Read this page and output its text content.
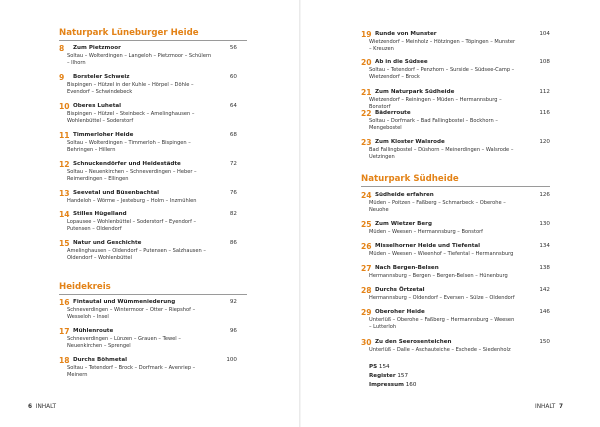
Naturpark Lüneburger Heide
8 Zum Pietzmoor	56
Soltau – Wolterdingen – Langeloh – Pietzmoor – Schülern – Ilhorn
9 Borsteler Schweiz	60
Bispingen – Hützel in der Kuhle – Hörpel – Döhle – Evendorf – Schwindebeck
10 Oberes Luhetal	64
Bispingen – Hützel – Steinbeck – Amelinghausen – Wohlenbüttel – Soderstorf
11 Timmerloher Heide	68
Soltau – Wolterdingen – Timmerloh – Bispingen – Behringen – Hillern
12 Schnuckendörfer und Heidestädte	72
Soltau – Neuenkirchen – Schneverdingen – Heber – Reimerdingen – Ellingen
13 Seevetal und Büsenbachtal	76
Handeloh – Wörme – Jesteburg – Holm – Inzmühlen
14 Stilles Hügelland	82
Lopausee – Wohlenbüttel – Soderstorf – Eyendorf – Putensen – Oldendorf
15 Natur und Geschichte	86
Amelinghausen – Oldendorf – Putensen – Salzhausen – Oldendorf – Wohlenbüttel
Heidekreis
16 Fintautal und Wümmeniederung	92
Schneverdingen – Wintermoor – Otter – Riepshof – Wesseloh – Insel
17 Mühlenroute	96
Schneverdingen – Lünzen – Grauen – Tewel – Neuenkirchen – Sprengel
18 Durchs Böhmetal	100
Soltau – Tetendorf – Brock – Dorfmark – Avenriep – Meinern
6 INHALT
19 Runde von Munster	104
Wietzendorf – Meinholz – Hötzingen – Töpingen – Munster – Kreuzen
20 Ab in die Südsee	108
Soltau – Tetendorf – Penzhorn – Surside – Südsee-Camp – Wietzendorf – Brock
21 Zum Naturpark Südheide	112
Wietzendorf – Reiningen – Müden – Hermannsburg – Bonstorf
22 Bäderroute	116
Soltau – Dorfmark – Bad Fallingbostel – Bockhorn – Mengebostel
23 Zum Kloster Walsrode	120
Bad Fallingbostel – Düshorn – Meinerdingen – Walsrode – Uetzingen
Naturpark Südheide
24 Südheide erfahren	126
Müden – Poitzen – Faßberg – Schmarbeck – Oberohe – Neuohe
25 Zum Wietzer Berg	130
Müden – Weesen – Hermannsburg – Bonstorf
26 Misselhorner Heide und Tiefental	134
Müden – Weesen – Wieenhof – Tiefental – Hermannsburg
27 Nach Bergen-Belsen	138
Hermannsburg – Bergen – Bergen-Belsen – Hünenburg
28 Durchs Örtzetal	142
Hermannsburg – Oldendorf – Eversen – Sülze – Oldendorf
29 Oberoher Heide	146
Unterlüß – Oberohe – Faßberg – Hermannsburg – Weesen – Lutterloh
30 Zu den Seerosenteichen	150
Unterlüß – Dalle – Aschauteiche – Eschede – Siedenholz
PS 154
Register 157
Impressum 160
INHALT 7
